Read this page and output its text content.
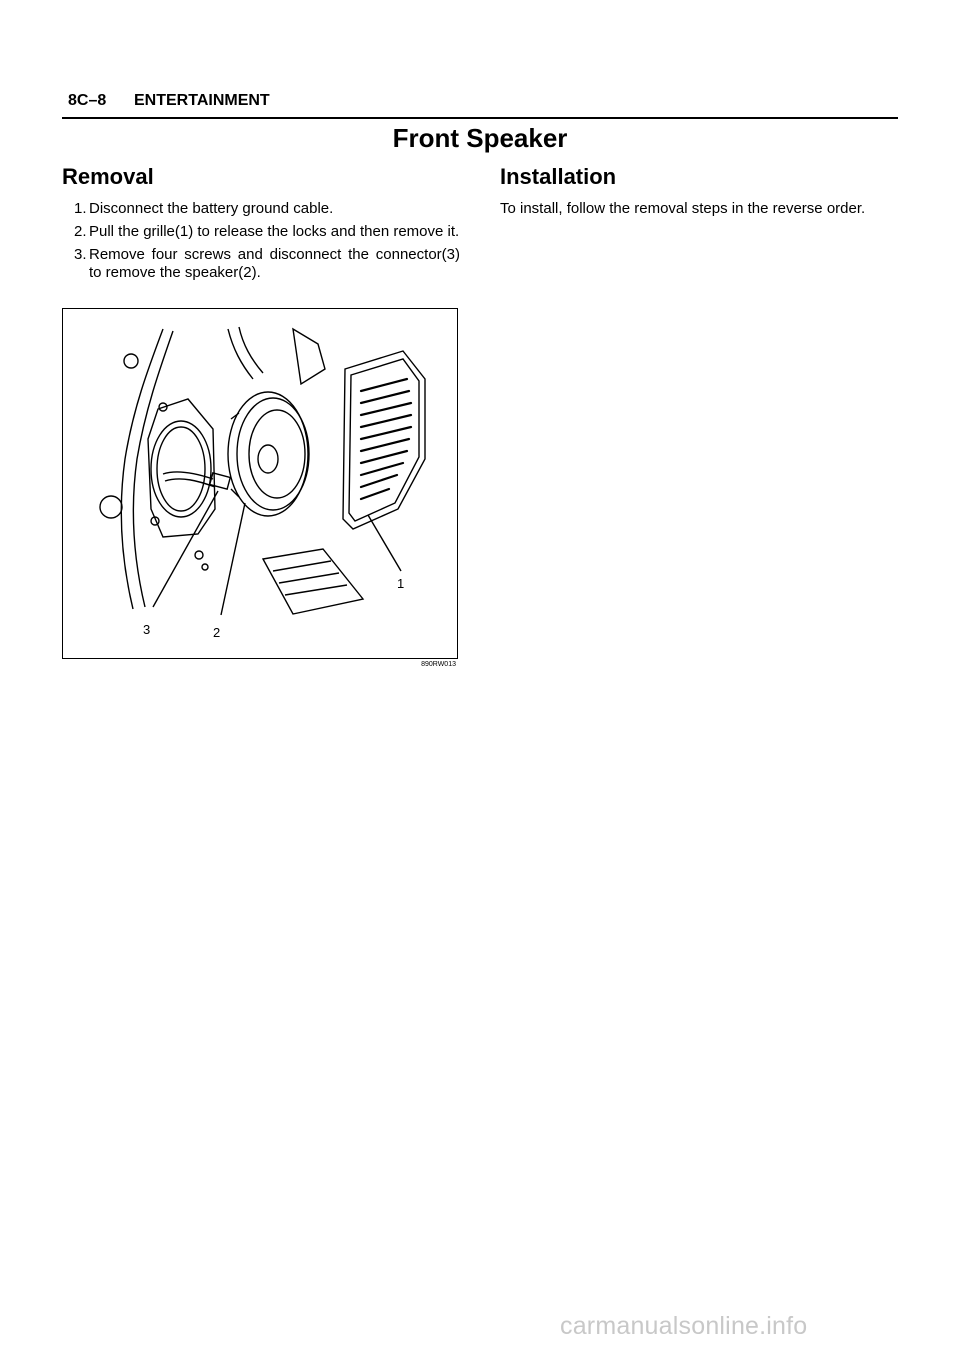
8C–8 ENTERTAINMENT
Front Speaker
Removal
1. Disconnect the battery ground cable.
2. Pull the grille(1) to release the locks and then remove it.
3. Remove four screws and disconnect the connector(3) to remove the speaker(2).
Installation

To install, follow the removal steps in the reverse order.

1
2
3
890RW013
carmanualsonline.info
